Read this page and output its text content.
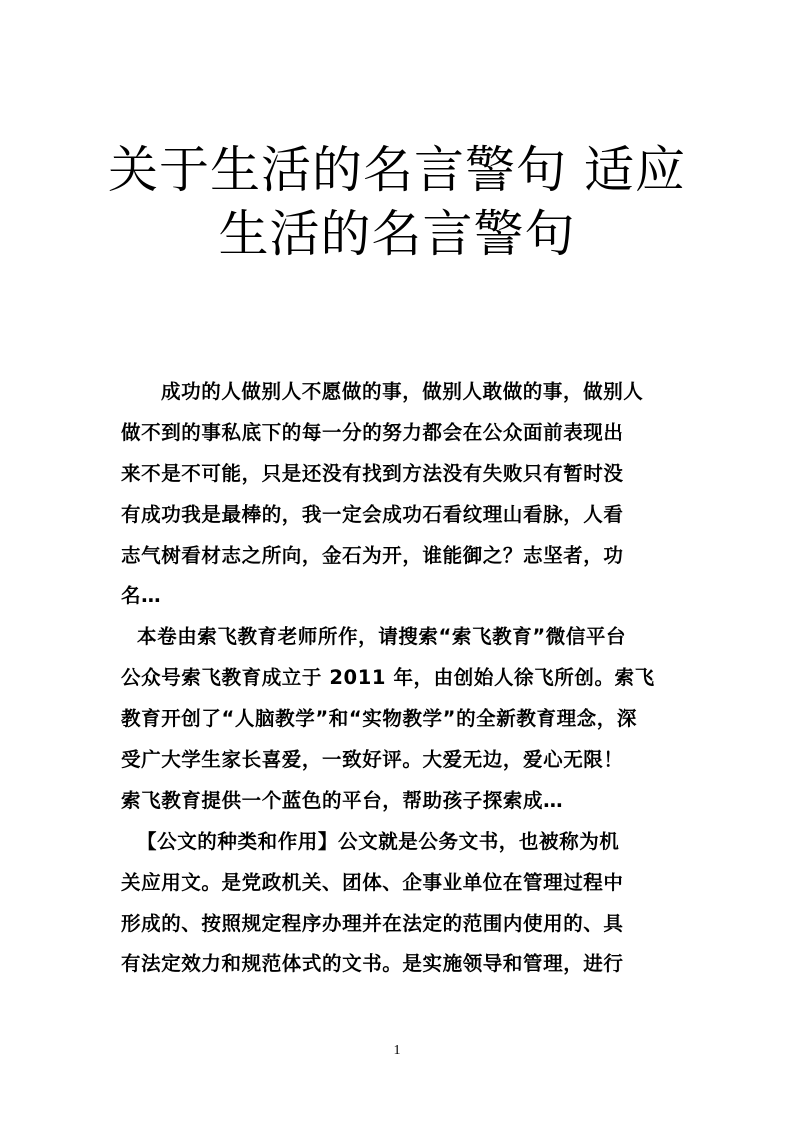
关于生活的名言警句 适应
生活的名言警句
成功的人做别人不愿做的事，做别人敢做的事，做别人
做不到的事私底下的每一分的努力都会在公众面前表现出
来不是不可能，只是还没有找到方法没有失败只有暂时没
有成功我是最棒的，我一定会成功石看纹理山看脉，人看
志气树看材志之所向，金石为开，谁能御之？志坚者，功
名…
本卷由索飞教育老师所作，请搜索“索飞教育”微信平台
公众号索飞教育成立于 2011 年，由创始人徐飞所创。索飞
教育开创了“人脑教学”和“实物教学”的全新教育理念，深
受广大学生家长喜爱，一致好评。大爱无边，爱心无限！
索飞教育提供一个蓝色的平台，帮助孩子探索成…
【公文的种类和作用】公文就是公务文书，也被称为机
关应用文。是党政机关、团体、企事业单位在管理过程中
形成的、按照规定程序办理并在法定的范围内使用的、具
有法定效力和规范体式的文书。是实施领导和管理，进行
1
